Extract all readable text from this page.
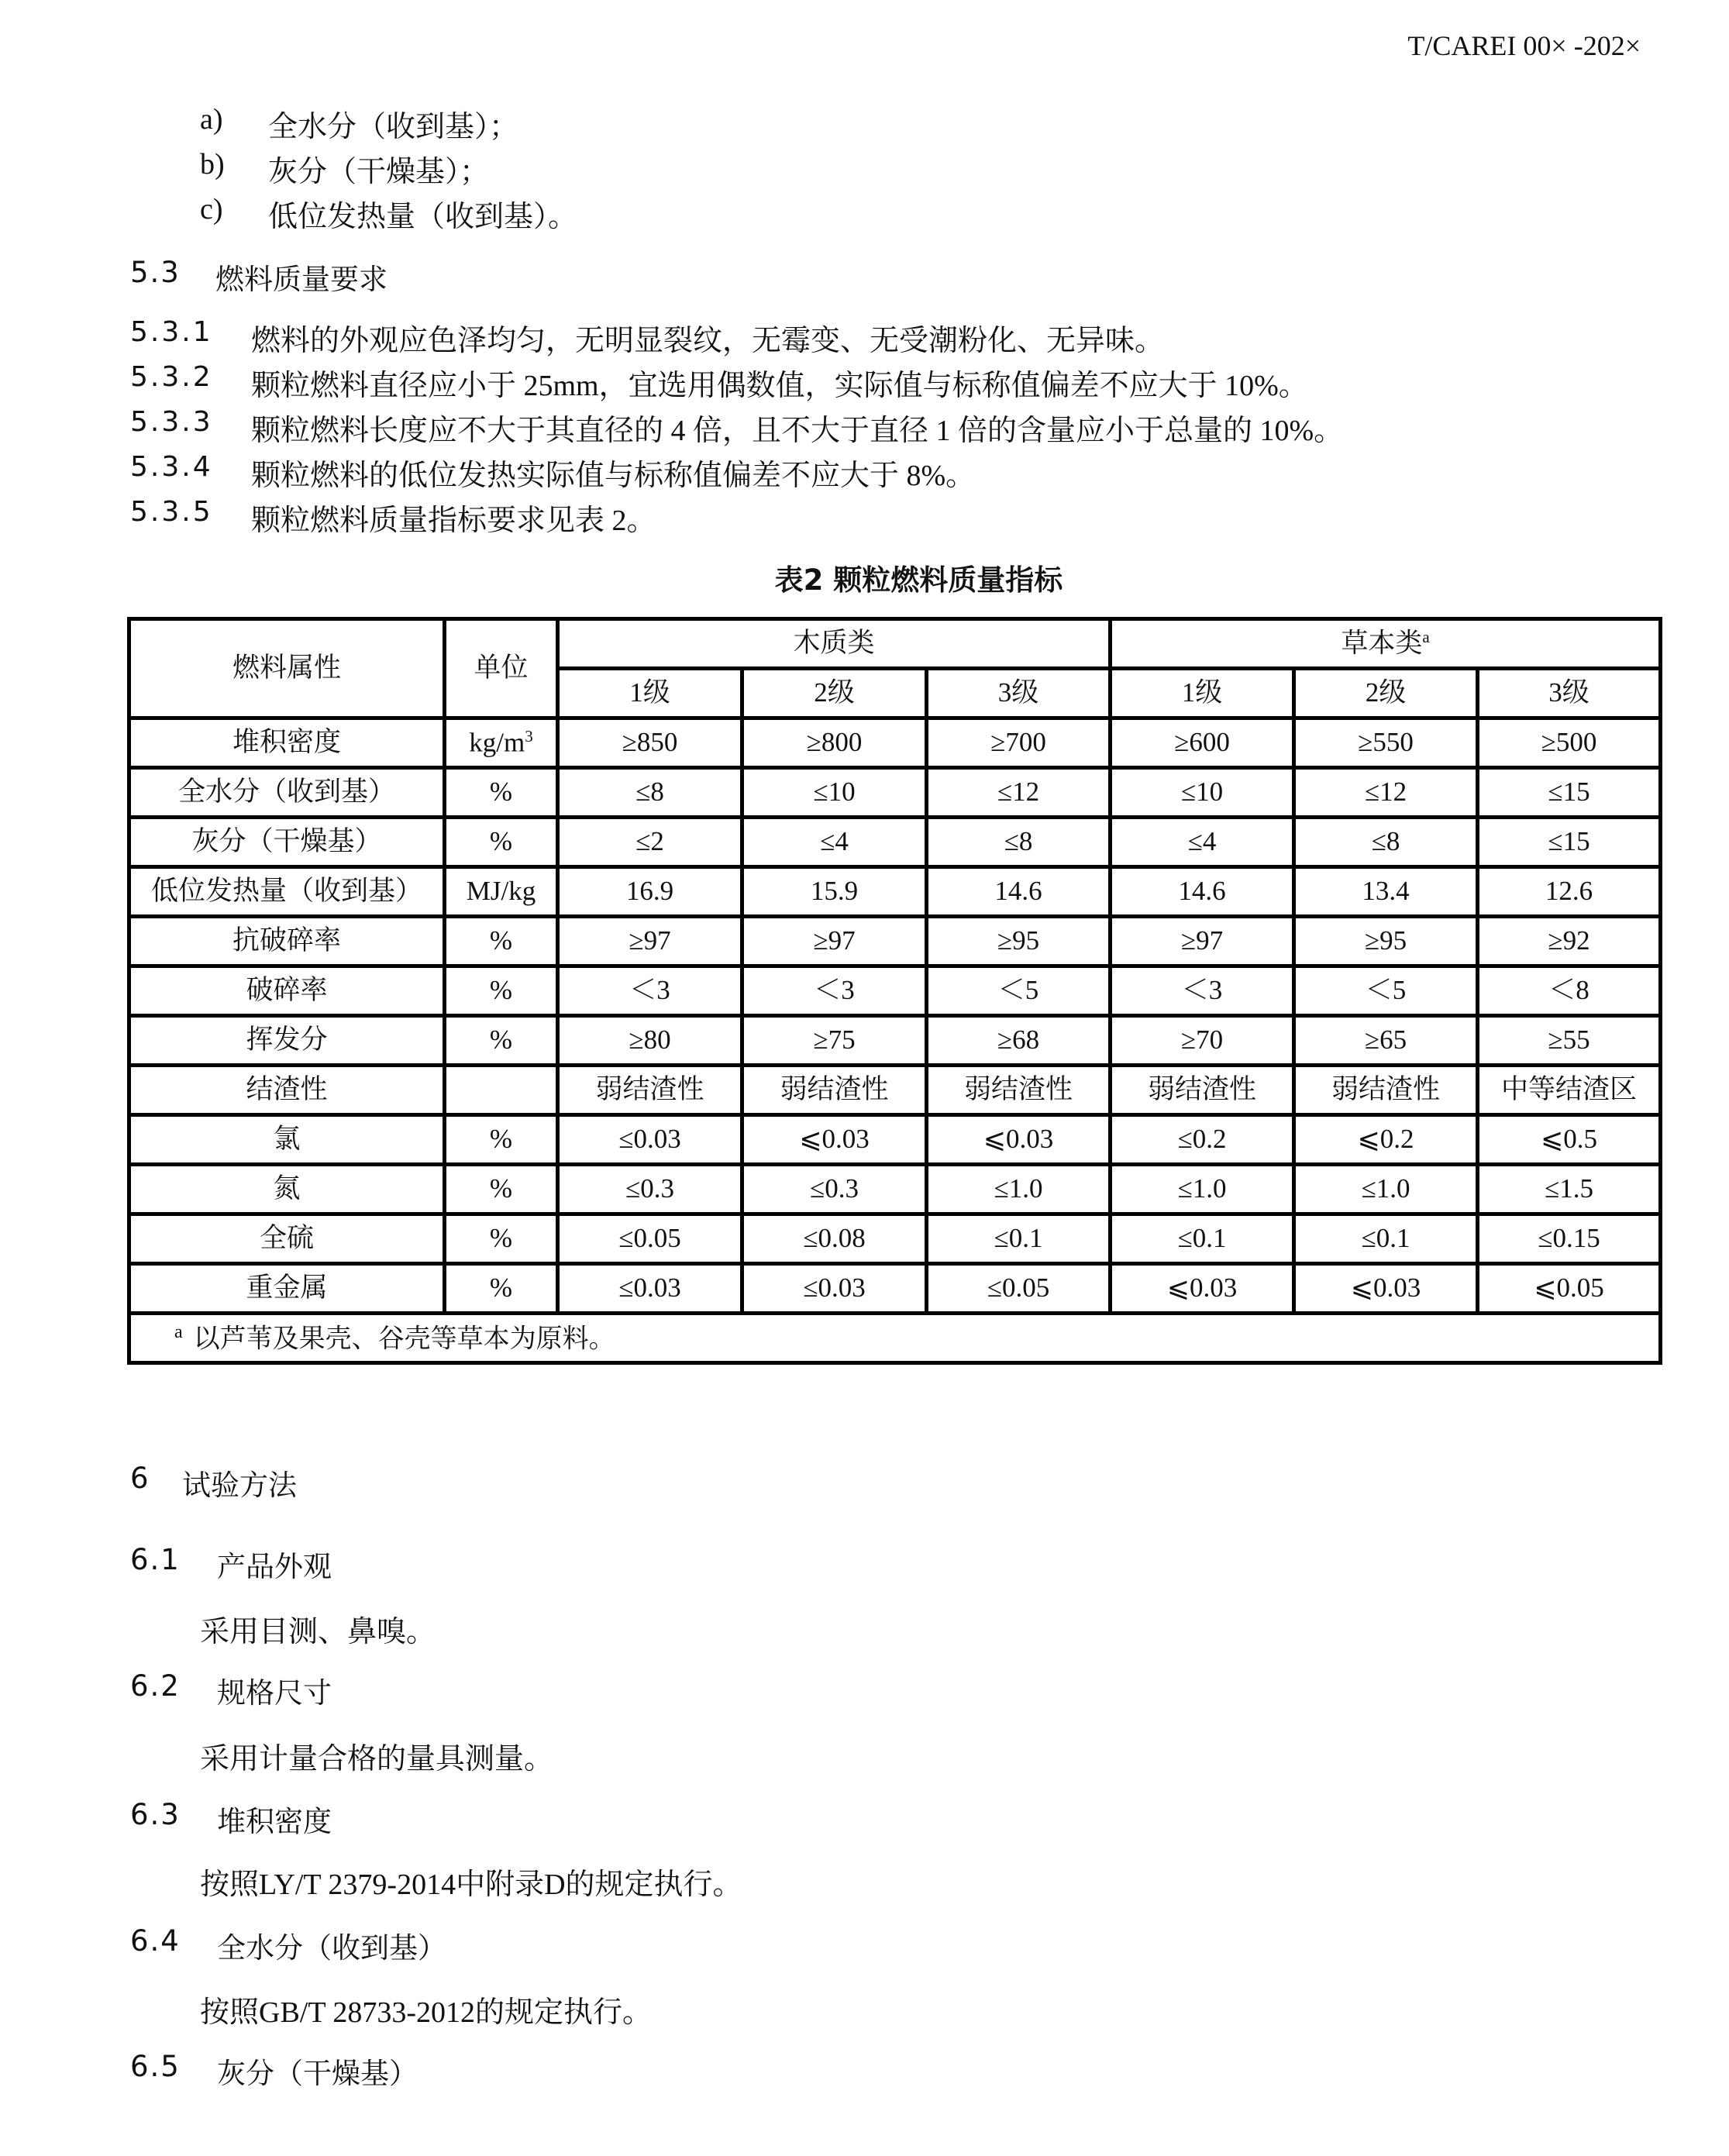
T/CAREI 00× -202×
a) 全水分（收到基）；
b) 灰分（干燥基）；
c) 低位发热量（收到基）。
5.3 燃料质量要求
5.3.1 燃料的外观应色泽均匀，无明显裂纹，无霉变、无受潮粉化、无异味。
5.3.2 颗粒燃料直径应小于 25mm，宜选用偶数值，实际值与标称值偏差不应大于 10%。
5.3.3 颗粒燃料长度应不大于其直径的 4 倍，且不大于直径 1 倍的含量应小于总量的 10%。
5.3.4 颗粒燃料的低位发热实际值与标称值偏差不应大于 8%。
5.3.5 颗粒燃料质量指标要求见表 2。
表2 颗粒燃料质量指标
燃料属性	单位	木质类			草本类$^a$
		1级	2级	3级	1级	2级	3级
堆积密度	$kg/m^3$	≥850	≥800	≥700	≥600	≥550	≥500
全水分（收到基）	%	≤8	≤10	≤12	≤10	≤12	≤15
灰分（干燥基）	%	≤2	≤4	≤8	≤4	≤8	≤15
低位发热量（收到基）	MJ/kg	16.9	15.9	14.6	14.6	13.4	12.6
抗破碎率	%	≥97	≥97	≥95	≥97	≥95	≥92
破碎率	%	＜3	＜3	＜5	＜3	＜5	＜8
挥发分	%	≥80	≥75	≥68	≥70	≥65	≥55
结渣性		弱结渣性	弱结渣性	弱结渣性	弱结渣性	弱结渣性	中等结渣区
氯	%	≤0.03	⩽0.03	⩽0.03	≤0.2	⩽0.2	⩽0.5
氮	%	≤0.3	≤0.3	≤1.0	≤1.0	≤1.0	≤1.5
全硫	%	≤0.05	≤0.08	≤0.1	≤0.1	≤0.1	≤0.15
重金属	%	≤0.03	≤0.03	≤0.05	⩽0.03	⩽0.03	⩽0.05
$^a$ 以芦苇及果壳、谷壳等草本为原料。							
6 试验方法
6.1 产品外观
采用目测、鼻嗅。
6.2 规格尺寸
采用计量合格的量具测量。
6.3 堆积密度
按照LY/T 2379-2014中附录D的规定执行。
6.4 全水分（收到基）
按照GB/T 28733-2012的规定执行。
6.5 灰分（干燥基）
